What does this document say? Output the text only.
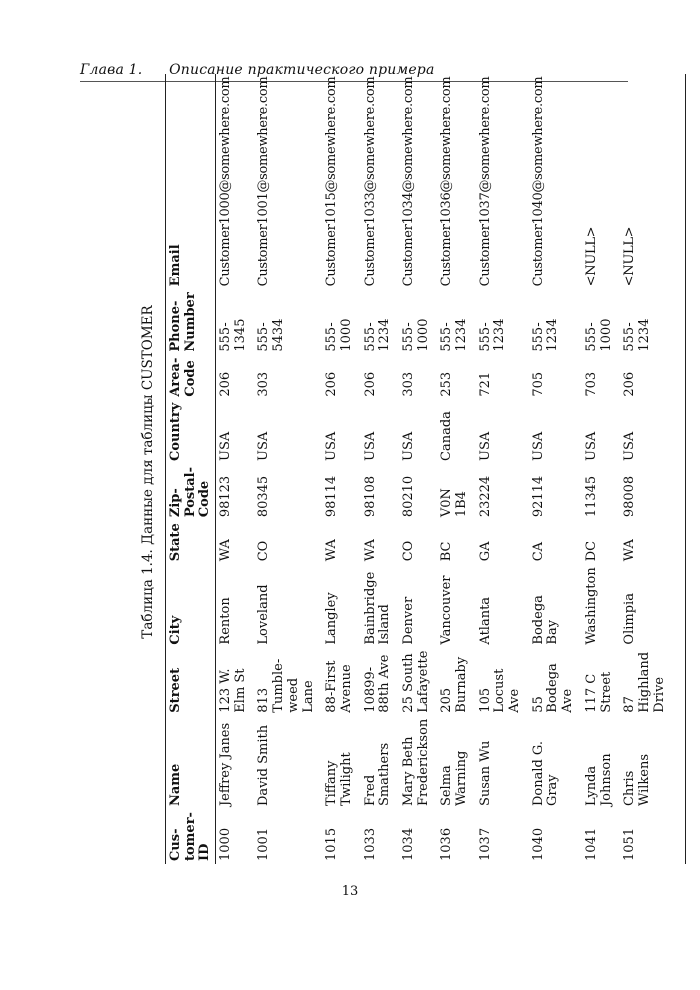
Глава 1. Описание практического примера
Таблица 1.4. Данные для таблицы CUSTOMER
Cus- tomer- ID	Name	Street	City	State	Zip- Postal- Code	Country	Area- Code	Phone- Number	Email
1000	Jeffrey Janes	123 W. Elm St	Renton	WA	98123	USA	206	555-1345	Customer1000@somewhere.com
1001	David Smith	813 Tumble- weed Lane	Loveland	CO	80345	USA	303	555-5434	Customer1001@somewhere.com
1015	Tiffany Twilight	88-First Avenue	Langley	WA	98114	USA	206	555-1000	Customer1015@somewhere.com
1033	Fred Smathers	10899-88th Ave	Bainbridge Island	WA	98108	USA	206	555-1234	Customer1033@somewhere.com
1034	Mary Beth Frederickson	25 South Lafayette	Denver	CO	80210	USA	303	555-1000	Customer1034@somewhere.com
1036	Selma Warning	205 Burnaby	Vancouver	BC	V0N 1B4	Canada	253	555-1234	Customer1036@somewhere.com
1037	Susan Wu	105 Locust Ave	Atlanta	GA	23224	USA	721	555-1234	Customer1037@somewhere.com
1040	Donald G. Gray	55 Bodega Ave	Bodega Bay	CA	92114	USA	705	555-1234	Customer1040@somewhere.com
1041	Lynda Johnson	117 C Street	Washington	DC	11345	USA	703	555-1000	<NULL>
1051	Chris Wilkens	87 Highland Drive	Olimpia	WA	98008	USA	206	555-1234	<NULL>
13
